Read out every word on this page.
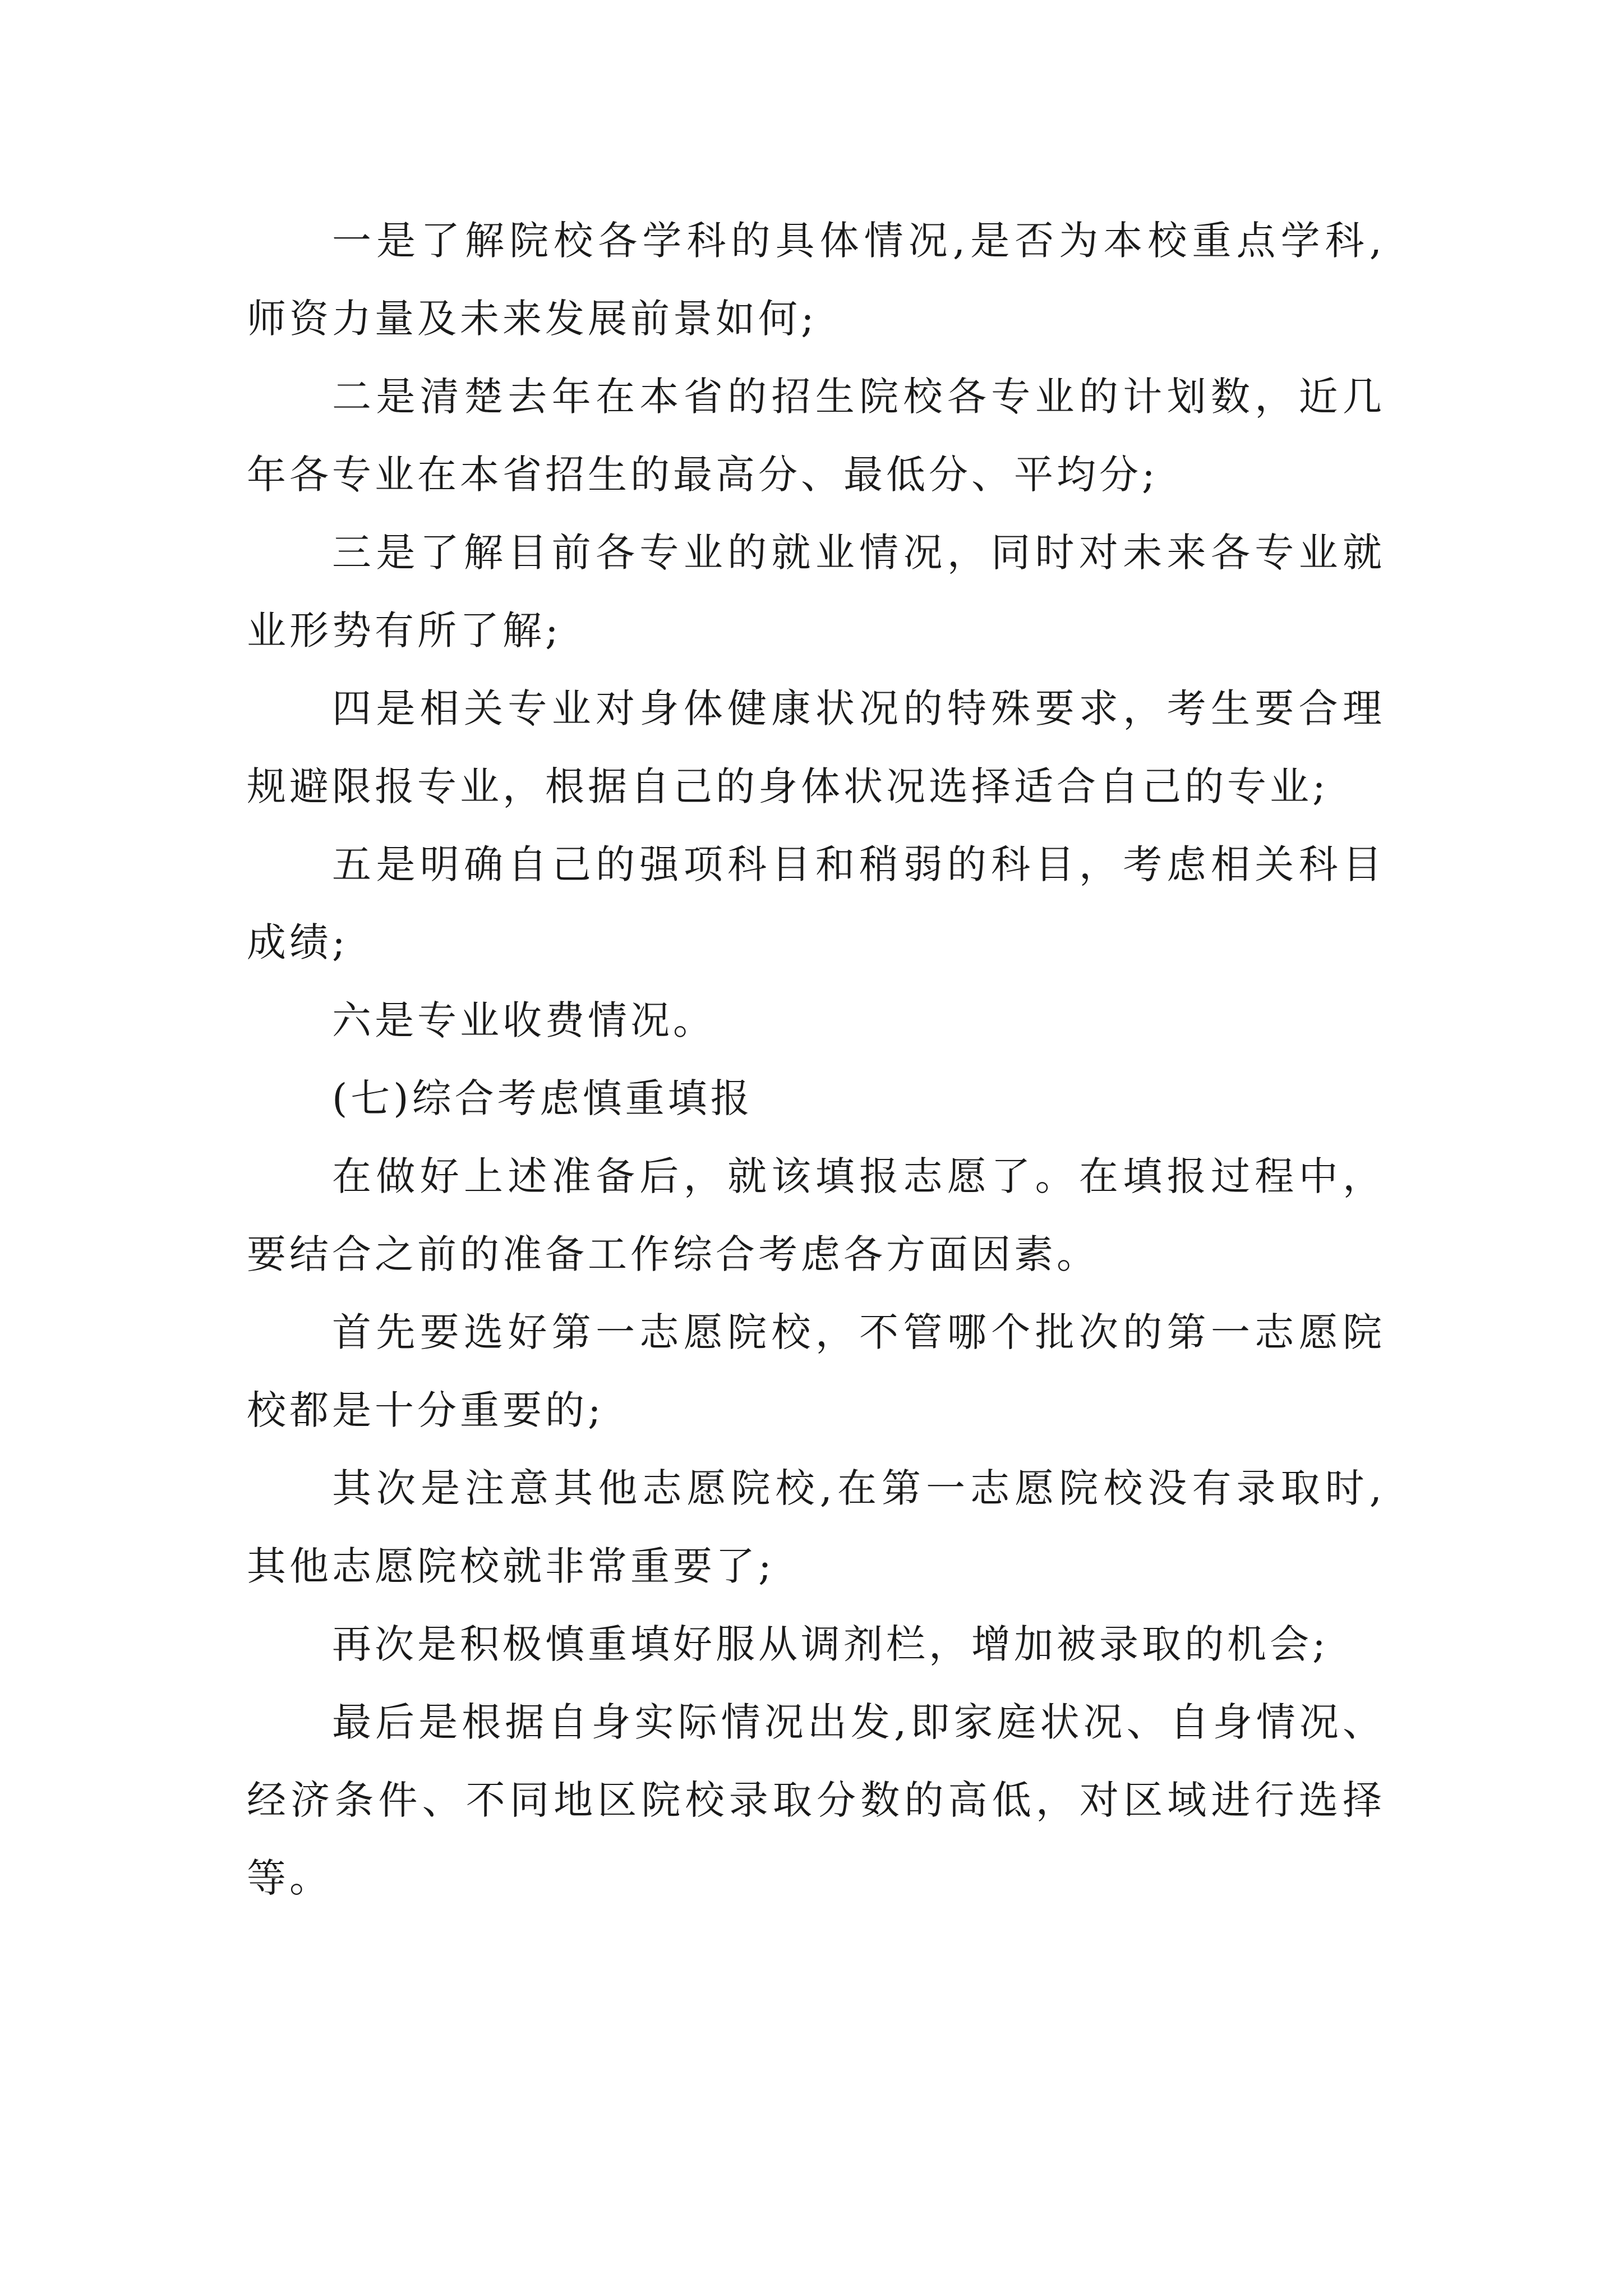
一是了解院校各学科的具体情况,是否为本校重点学科,师资力量及未来发展前景如何;

二是清楚去年在本省的招生院校各专业的计划数，近几年各专业在本省招生的最高分、最低分、平均分;

三是了解目前各专业的就业情况，同时对未来各专业就业形势有所了解;

四是相关专业对身体健康状况的特殊要求，考生要合理规避限报专业，根据自己的身体状况选择适合自己的专业;

五是明确自己的强项科目和稍弱的科目，考虑相关科目成绩;

六是专业收费情况。

(七)综合考虑慎重填报

在做好上述准备后，就该填报志愿了。在填报过程中，要结合之前的准备工作综合考虑各方面因素。

首先要选好第一志愿院校，不管哪个批次的第一志愿院校都是十分重要的;

其次是注意其他志愿院校,在第一志愿院校没有录取时,其他志愿院校就非常重要了;

再次是积极慎重填好服从调剂栏，增加被录取的机会;

最后是根据自身实际情况出发,即家庭状况、自身情况、经济条件、不同地区院校录取分数的高低，对区域进行选择等。
